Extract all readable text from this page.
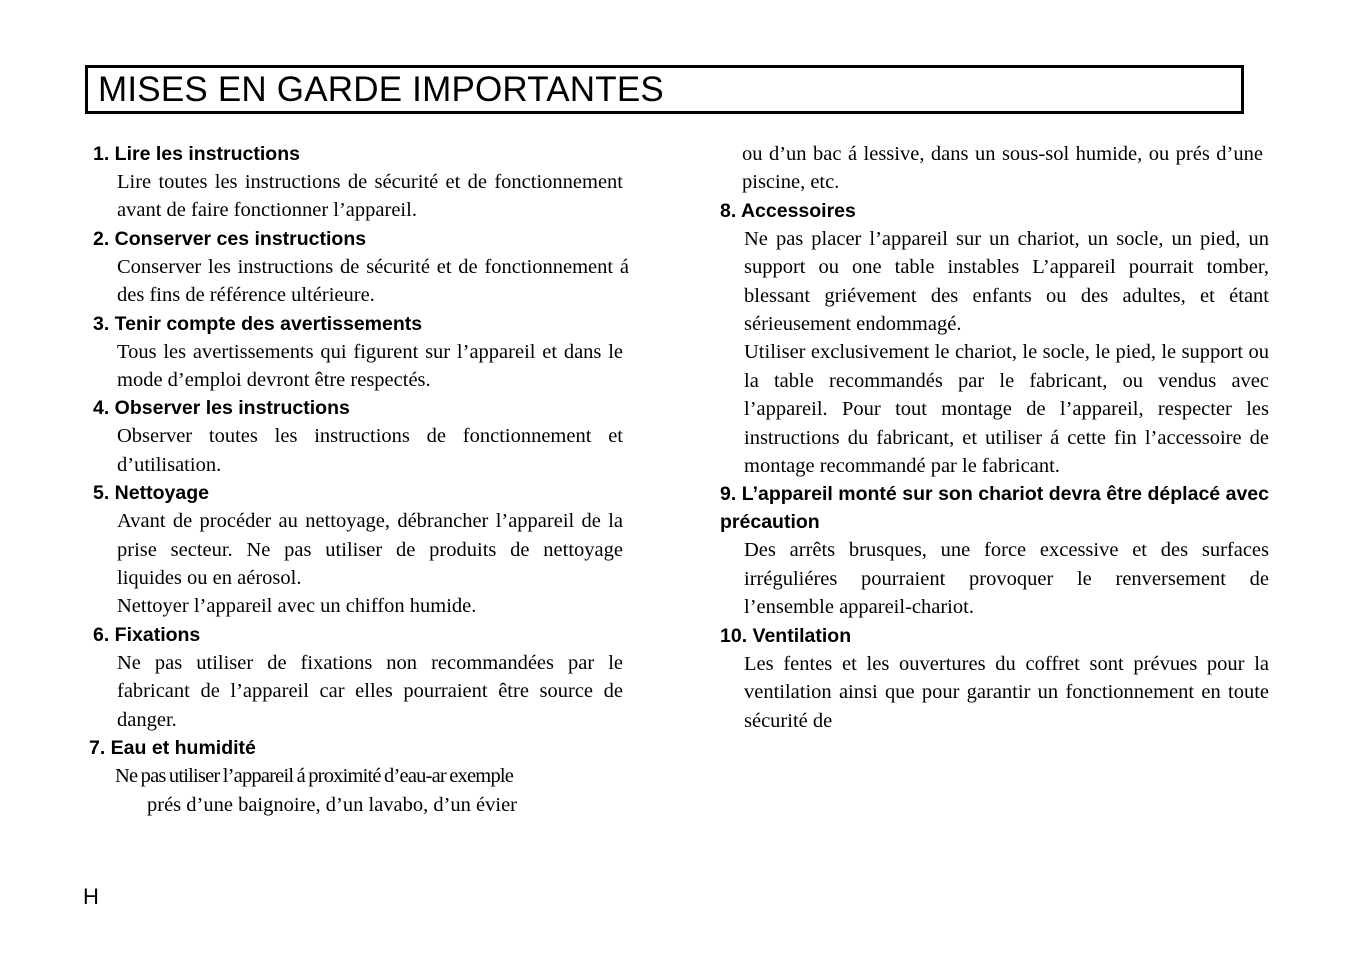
MISES EN GARDE IMPORTANTES
1. Lire les instructions
Lire toutes les instructions de sécurité et de fonctionnement avant de faire fonctionner l’appareil.
2. Conserver ces instructions
Conserver les instructions de sécurité et de fonctionnement á des fins de référence ultérieure.
3. Tenir compte des avertissements
Tous les avertissements qui figurent sur l’appareil et dans le mode d’emploi devront être respectés.
4. Observer les instructions
Observer toutes les instructions de fonctionnement et d’utilisation.
5. Nettoyage
Avant de procéder au nettoyage, débrancher l’appareil de la prise secteur. Ne pas utiliser de produits de nettoyage liquides ou en aérosol.
Nettoyer l’appareil avec un chiffon humide.
6. Fixations
Ne pas utiliser de fixations non recommandées par le fabricant de l’appareil car elles pourraient être source de danger.
7. Eau et humidité
Ne pas utiliser l’appareil á proximité d’eau-ar exemple
prés d’une baignoire, d’un lavabo, d’un évier
ou d’un bac á lessive, dans un sous-sol humide, ou prés d’une piscine, etc.
8. Accessoires
Ne pas placer l’appareil sur un chariot, un socle, un pied, un support ou one table instables L’appareil pourrait tomber, blessant griévement des enfants ou des adultes, et étant sérieusement endommagé.
Utiliser exclusivement le chariot, le socle, le pied, le support ou la table recommandés par le fabricant, ou vendus avec l’appareil. Pour tout montage de l’appareil, respecter les instructions du fabricant, et utiliser á cette fin l’accessoire de montage recommandé par le fabricant.
9. L’appareil monté sur son chariot devra être déplacé avec précaution
Des arrêts brusques, une force excessive et des surfaces irréguliéres pourraient provoquer le renversement de l’ensemble appareil-chariot.
10. Ventilation
Les fentes et les ouvertures du coffret sont prévues pour la ventilation ainsi que pour garantir un fonctionnement en toute sécurité de
H
